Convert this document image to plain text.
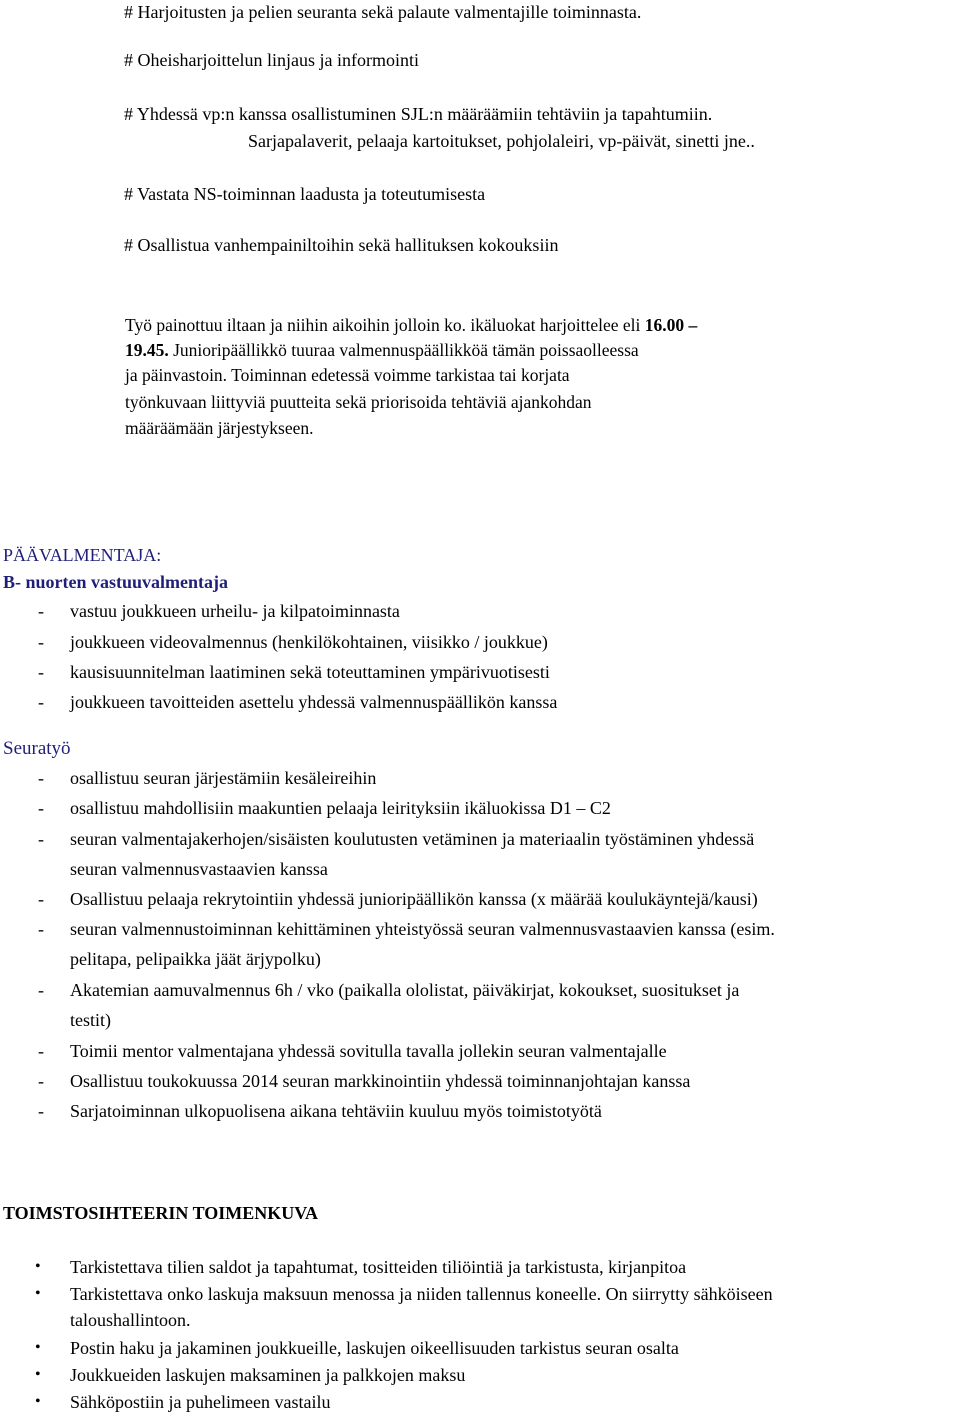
# Harjoitusten ja pelien seuranta sekä palaute valmentajille toiminnasta.
# Oheisharjoittelun linjaus ja informointi
# Yhdessä vp:n kanssa osallistuminen SJL:n määräämiin tehtäviin ja tapahtumiin.
Sarjapalaverit, pelaaja kartoitukset, pohjolaleiri, vp-päivät, sinetti jne..
# Vastata NS-toiminnan laadusta ja toteutumisesta
# Osallistua vanhempainiltoihin sekä hallituksen kokouksiin
Työ painottuu iltaan ja niihin aikoihin jolloin ko. ikäluokat harjoittelee eli 16.00 –
19.45. Junioripäällikkö tuuraa valmennuspäällikköä tämän poissaolleessa
ja päinvastoin. Toiminnan edetessä voimme tarkistaa tai korjata
työnkuvaan liittyviä puutteita sekä priorisoida tehtäviä ajankohdan
määräämään järjestykseen.
PÄÄVALMENTAJA:
B- nuorten vastuuvalmentaja
- vastuu joukkueen urheilu- ja kilpatoiminnasta
- joukkueen videovalmennus (henkilökohtainen, viisikko / joukkue)
- kausisuunnitelman laatiminen sekä toteuttaminen ympärivuotisesti
- joukkueen tavoitteiden asettelu yhdessä valmennuspäällikön kanssa
Seuratyö
- osallistuu seuran järjestämiin kesäleireihin
- osallistuu mahdollisiin maakuntien pelaaja leirityksiin ikäluokissa D1 – C2
- seuran valmentajakerhojen/sisäisten koulutusten vetäminen ja materiaalin työstäminen yhdessä
seuran valmennusvastaavien kanssa
- Osallistuu pelaaja rekrytointiin yhdessä junioripäällikön kanssa (x määrää koulukäyntejä/kausi)
- seuran valmennustoiminnan kehittäminen yhteistyössä seuran valmennusvastaavien kanssa (esim.
pelitapa, pelipaikka jäät ärjypolku)
- Akatemian aamuvalmennus 6h / vko (paikalla ololistat, päiväkirjat, kokoukset, suositukset ja
testit)
- Toimii mentor valmentajana yhdessä sovitulla tavalla jollekin seuran valmentajalle
- Osallistuu toukokuussa 2014 seuran markkinointiin yhdessä toiminnanjohtajan kanssa
- Sarjatoiminnan ulkopuolisena aikana tehtäviin kuuluu myös toimistotyötä
TOIMSTOSIHTEERIN TOIMENKUVA
• Tarkistettava tilien saldot ja tapahtumat, tositteiden tiliöintiä ja tarkistusta, kirjanpitoa
• Tarkistettava onko laskuja maksuun menossa ja niiden tallennus koneelle. On siirrytty sähköiseen
taloushallintoon.
• Postin haku ja jakaminen joukkueille, laskujen oikeellisuuden tarkistus seuran osalta
• Joukkueiden laskujen maksaminen ja palkkojen maksu
• Sähköpostiin ja puhelimeen vastailu
